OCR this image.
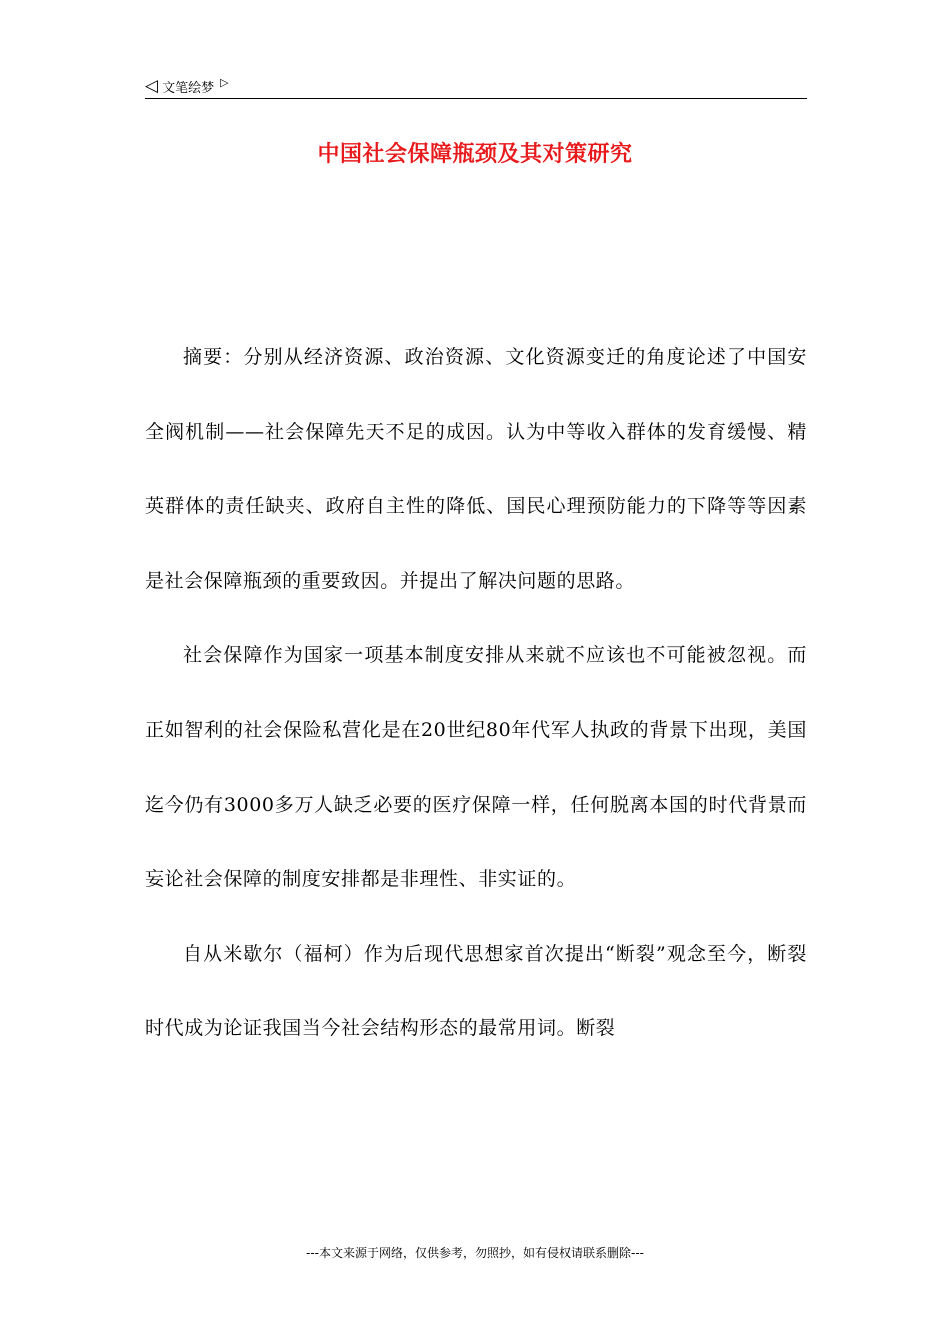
◁ 文笔绘梦 ▷
中国社会保障瓶颈及其对策研究

摘要：分别从经济资源、政治资源、文化资源变迁的角度论述了中国安全阀机制——社会保障先天不足的成因。认为中等收入群体的发育缓慢、精英群体的责任缺夹、政府自主性的降低、国民心理预防能力的下降等等因素是社会保障瓶颈的重要致因。并提出了解决问题的思路。

社会保障作为国家一项基本制度安排从来就不应该也不可能被忽视。而正如智利的社会保险私营化是在20世纪80年代军人执政的背景下出现，美国迄今仍有3000多万人缺乏必要的医疗保障一样，任何脱离本国的时代背景而妄论社会保障的制度安排都是非理性、非实证的。

自从米歇尔（福柯）作为后现代思想家首次提出“断裂”观念至今，断裂时代成为论证我国当今社会结构形态的最常用词。断裂

---本文来源于网络，仅供参考，勿照抄，如有侵权请联系删除---
